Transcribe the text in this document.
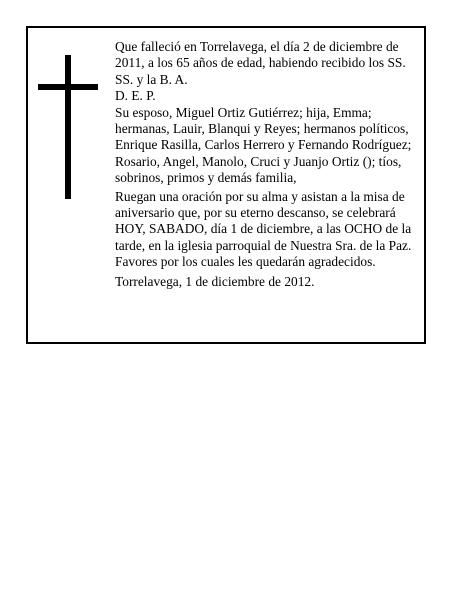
Que falleció en Torrelavega, el día 2 de diciembre de 2011, a los 65 años de edad, habiendo recibido los SS. SS. y la B. A.

D. E. P.

Su esposo, Miguel Ortiz Gutiérrez; hija, Emma; hermanas, Lauir, Blanqui y Reyes; hermanos políticos, Enrique Rasilla, Carlos Herrero y Fernando Rodríguez; Rosario, Angel, Manolo, Cruci y Juanjo Ortiz (); tíos, sobrinos, primos y demás familia,

Ruegan una oración por su alma y asistan a la misa de aniversario que, por su eterno descanso, se celebrará HOY, SABADO, día 1 de diciembre, a las OCHO de la tarde, en la iglesia parroquial de Nuestra Sra. de la Paz. Favores por los cuales les quedarán agradecidos.

Torrelavega, 1 de diciembre de 2012.
